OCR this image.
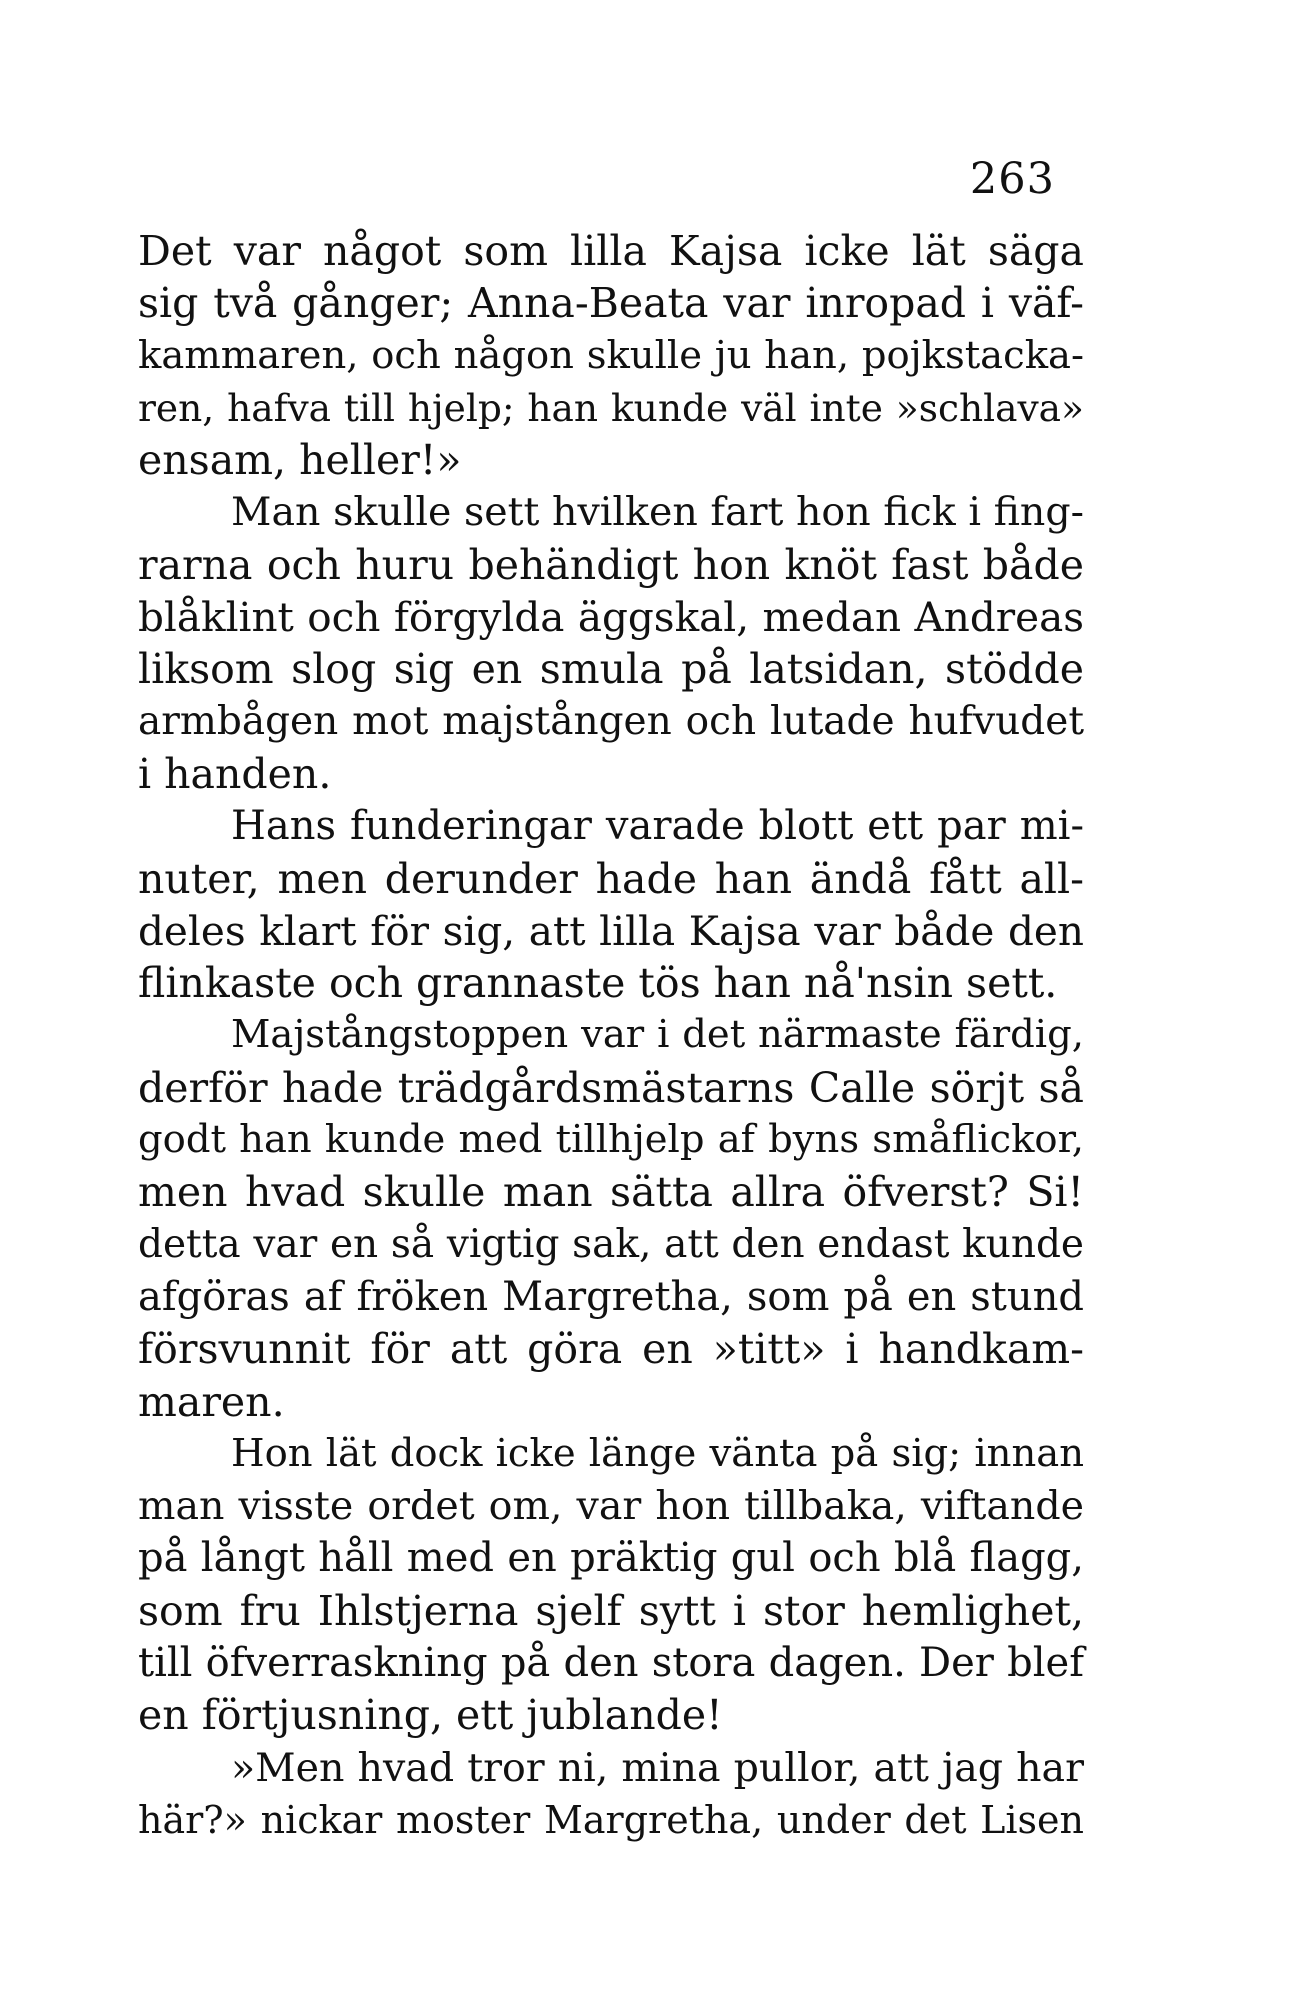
263
Det var något som lilla Kajsa icke lät säga
sig två gånger; Anna-Beata var inropad i väf-
kammaren, och någon skulle ju han, pojkstacka-
ren, hafva till hjelp; han kunde väl inte »schlava»
ensam, heller!»
Man skulle sett hvilken fart hon fick i fing-
rarna och huru behändigt hon knöt fast både
blåklint och förgylda äggskal, medan Andreas
liksom slog sig en smula på latsidan, stödde
armbågen mot majstången och lutade hufvudet
i handen.
Hans funderingar varade blott ett par mi-
nuter, men derunder hade han ändå fått all-
deles klart för sig, att lilla Kajsa var både den
flinkaste och grannaste tös han nå'nsin sett.
Majstångstoppen var i det närmaste färdig,
derför hade trädgårdsmästarns Calle sörjt så
godt han kunde med tillhjelp af byns småflickor,
men hvad skulle man sätta allra öfverst? Si!
detta var en så vigtig sak, att den endast kunde
afgöras af fröken Margretha, som på en stund
försvunnit för att göra en »titt» i handkam-
maren.
Hon lät dock icke länge vänta på sig; innan
man visste ordet om, var hon tillbaka, viftande
på långt håll med en präktig gul och blå flagg,
som fru Ihlstjerna sjelf sytt i stor hemlighet,
till öfverraskning på den stora dagen. Der blef
en förtjusning, ett jublande!
»Men hvad tror ni, mina pullor, att jag har
här?» nickar moster Margretha, under det Lisen
